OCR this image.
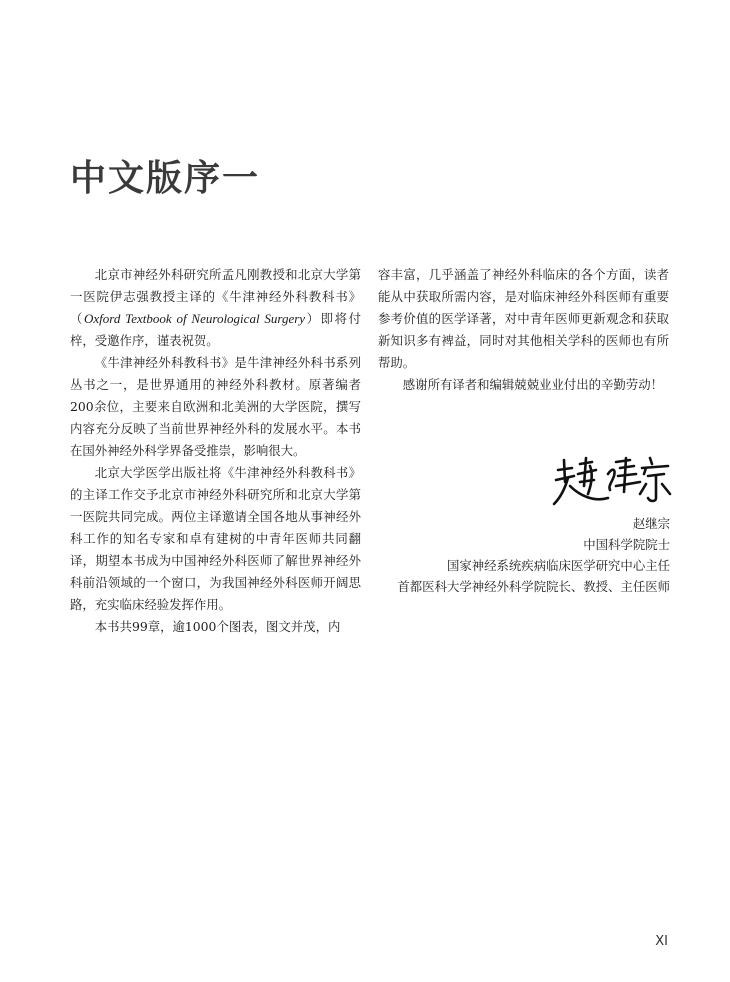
中文版序一

北京市神经外科研究所孟凡刚教授和北京大学第一医院伊志强教授主译的《牛津神经外科教科书》（Oxford Textbook of Neurological Surgery）即将付梓，受邀作序，谨表祝贺。

《牛津神经外科教科书》是牛津神经外科书系列丛书之一，是世界通用的神经外科教材。原著编者200余位，主要来自欧洲和北美洲的大学医院，撰写内容充分反映了当前世界神经外科的发展水平。本书在国外神经外科学界备受推崇，影响很大。

北京大学医学出版社将《牛津神经外科教科书》的主译工作交予北京市神经外科研究所和北京大学第一医院共同完成。两位主译邀请全国各地从事神经外科工作的知名专家和卓有建树的中青年医师共同翻译，期望本书成为中国神经外科医师了解世界神经外科前沿领域的一个窗口，为我国神经外科医师开阔思路，充实临床经验发挥作用。

本书共99章，逾1000个图表，图文并茂，内

容丰富，几乎涵盖了神经外科临床的各个方面，读者能从中获取所需内容，是对临床神经外科医师有重要参考价值的医学译著，对中青年医师更新观念和获取新知识多有裨益，同时对其他相关学科的医师也有所帮助。

感谢所有译者和编辑兢兢业业付出的辛勤劳动！

赵继宗
中国科学院院士
国家神经系统疾病临床医学研究中心主任
首都医科大学神经外科学院院长、教授、主任医师
XI
